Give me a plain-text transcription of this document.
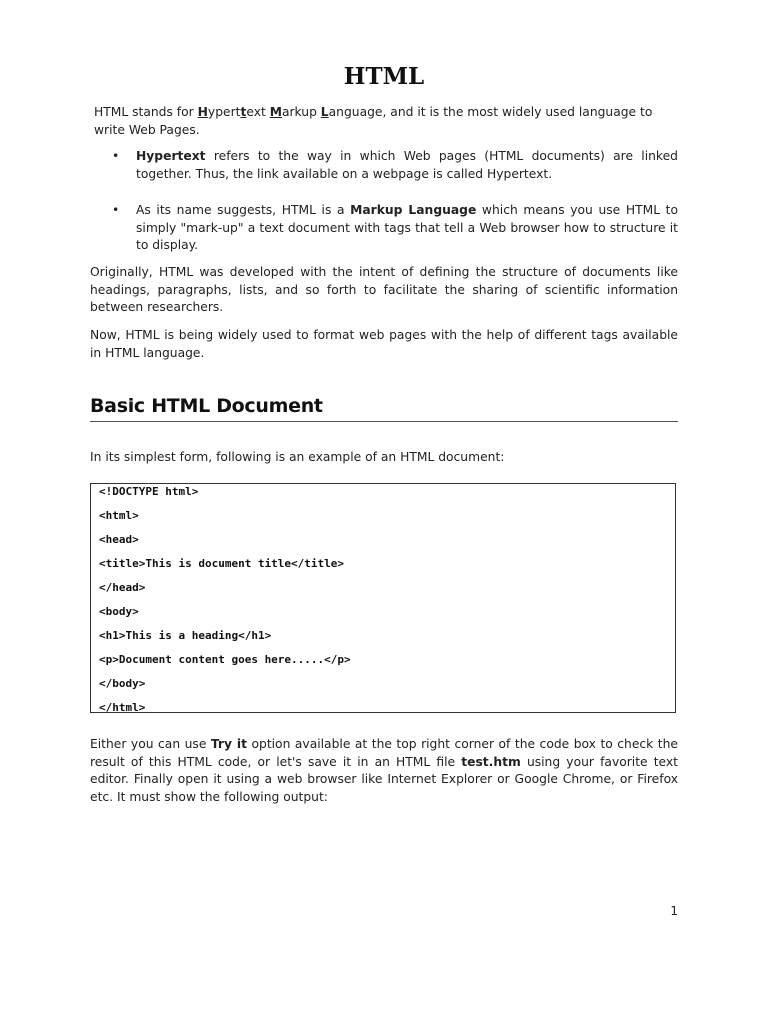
HTML

HTML stands for Hyperttext Markup Language, and it is the most widely used language to write Web Pages.

• Hypertext refers to the way in which Web pages (HTML documents) are linked together. Thus, the link available on a webpage is called Hypertext.
• As its name suggests, HTML is a Markup Language which means you use HTML to simply "mark-up" a text document with tags that tell a Web browser how to structure it to display.

Originally, HTML was developed with the intent of defining the structure of documents like headings, paragraphs, lists, and so forth to facilitate the sharing of scientific information between researchers.

Now, HTML is being widely used to format web pages with the help of different tags available in HTML language.

Basic HTML Document

In its simplest form, following is an example of an HTML document:

<!DOCTYPE html>
<html>
<head>
<title>This is document title</title>
</head>
<body>
<h1>This is a heading</h1>
<p>Document content goes here.....</p>
</body>
</html>

Either you can use Try it option available at the top right corner of the code box to check the result of this HTML code, or let's save it in an HTML file test.htm using your favorite text editor. Finally open it using a web browser like Internet Explorer or Google Chrome, or Firefox etc. It must show the following output:

1
